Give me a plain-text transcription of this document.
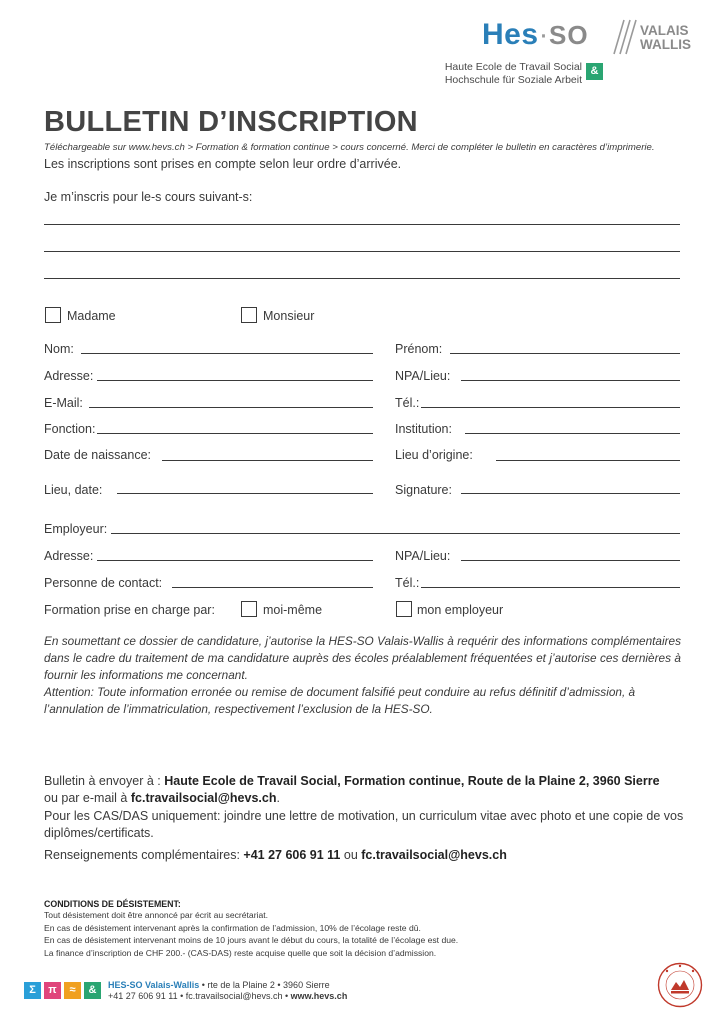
Hes·SO	VALAIS
WALLIS
Haute Ecole de Travail Social
Hochschule für Soziale Arbeit
&
BULLETIN D’INSCRIPTION
Téléchargeable sur www.hevs.ch > Formation & formation continue > cours concerné. Merci de compléter le bulletin en caractères d’imprimerie.
Les inscriptions sont prises en compte selon leur ordre d’arrivée.
Je m’inscris pour le-s cours suivant-s:
Madame	Monsieur
Nom:	Prénom:
Adresse:	NPA/Lieu:
E-Mail:	Tél.:
Fonction:	Institution:
Date de naissance:	Lieu d’origine:
Lieu, date:	Signature:
Employeur:
Adresse:	NPA/Lieu:
Personne de contact:	Tél.:
Formation prise en charge par:	moi-même	mon employeur
En soumettant ce dossier de candidature, j’autorise la HES-SO Valais-Wallis à requérir des informations complémentaires dans le cadre du traitement de ma candidature auprès des écoles préalablement fréquentées et j’autorise ces dernières à fournir les informations me concernant.
Attention: Toute information erronée ou remise de document falsifié peut conduire au refus définitif d’admission, à l’annulation de l’immatriculation, respectivement l’exclusion de la HES-SO.
Bulletin à envoyer à : Haute Ecole de Travail Social, Formation continue, Route de la Plaine 2, 3960 Sierre
ou par e-mail à fc.travailsocial@hevs.ch.
Pour les CAS/DAS uniquement: joindre une lettre de motivation, un curriculum vitae avec photo et une copie de vos diplômes/certificats.
Renseignements complémentaires: +41 27 606 91 11 ou fc.travailsocial@hevs.ch
CONDITIONS DE DÉSISTEMENT:
Tout désistement doit être annoncé par écrit au secrétariat.
En cas de désistement intervenant après la confirmation de l’admission, 10% de l’écolage reste dû.
En cas de désistement intervenant moins de 10 jours avant le début du cours, la totalité de l’écolage est due.
La finance d’inscription de CHF 200.- (CAS-DAS) reste acquise quelle que soit la décision d’admission.
Σ	π	≈	&	HES-SO Valais-Wallis • rte de la Plaine 2 • 3960 Sierre
+41 27 606 91 11 • fc.travailsocial@hevs.ch • www.hevs.ch
